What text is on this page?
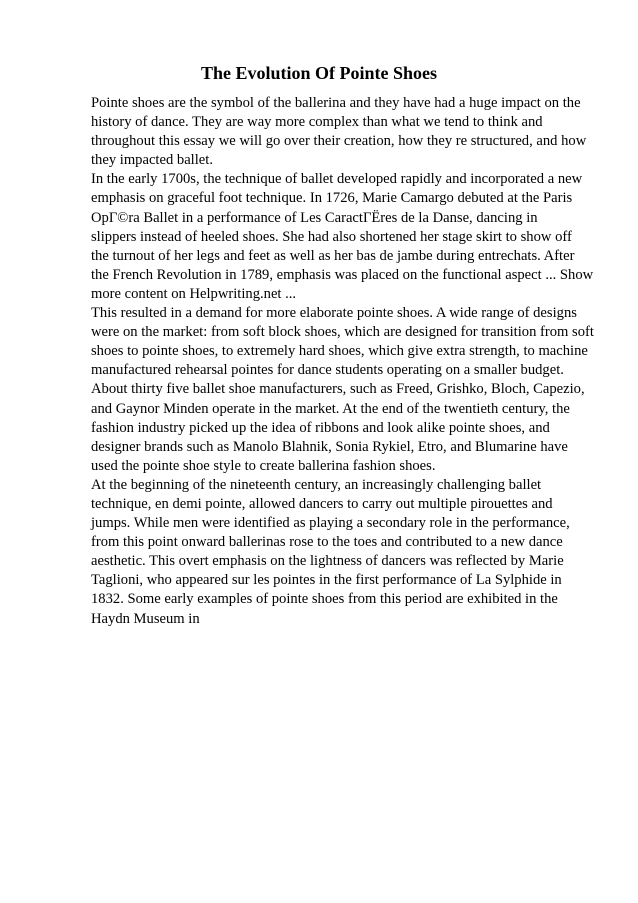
The Evolution Of Pointe Shoes
Pointe shoes are the symbol of the ballerina and they have had a huge impact on the
history of dance. They are way more complex than what we tend to think and
throughout this essay we will go over their creation, how they re structured, and how
they impacted ballet.
In the early 1700s, the technique of ballet developed rapidly and incorporated a new
emphasis on graceful foot technique. In 1726, Marie Camargo debuted at the Paris
OpГ©ra Ballet in a performance of Les CaractГЁres de la Danse, dancing in
slippers instead of heeled shoes. She had also shortened her stage skirt to show off
the turnout of her legs and feet as well as her bas de jambe during entrechats. After
the French Revolution in 1789, emphasis was placed on the functional aspect ... Show
more content on Helpwriting.net ...
This resulted in a demand for more elaborate pointe shoes. A wide range of designs
were on the market: from soft block shoes, which are designed for transition from soft
shoes to pointe shoes, to extremely hard shoes, which give extra strength, to machine
manufactured rehearsal pointes for dance students operating on a smaller budget.
About thirty five ballet shoe manufacturers, such as Freed, Grishko, Bloch, Capezio,
and Gaynor Minden operate in the market. At the end of the twentieth century, the
fashion industry picked up the idea of ribbons and look alike pointe shoes, and
designer brands such as Manolo Blahnik, Sonia Rykiel, Etro, and Blumarine have
used the pointe shoe style to create ballerina fashion shoes.
At the beginning of the nineteenth century, an increasingly challenging ballet
technique, en demi pointe, allowed dancers to carry out multiple pirouettes and
jumps. While men were identified as playing a secondary role in the performance,
from this point onward ballerinas rose to the toes and contributed to a new dance
aesthetic. This overt emphasis on the lightness of dancers was reflected by Marie
Taglioni, who appeared sur les pointes in the first performance of La Sylphide in
1832. Some early examples of pointe shoes from this period are exhibited in the
Haydn Museum in
